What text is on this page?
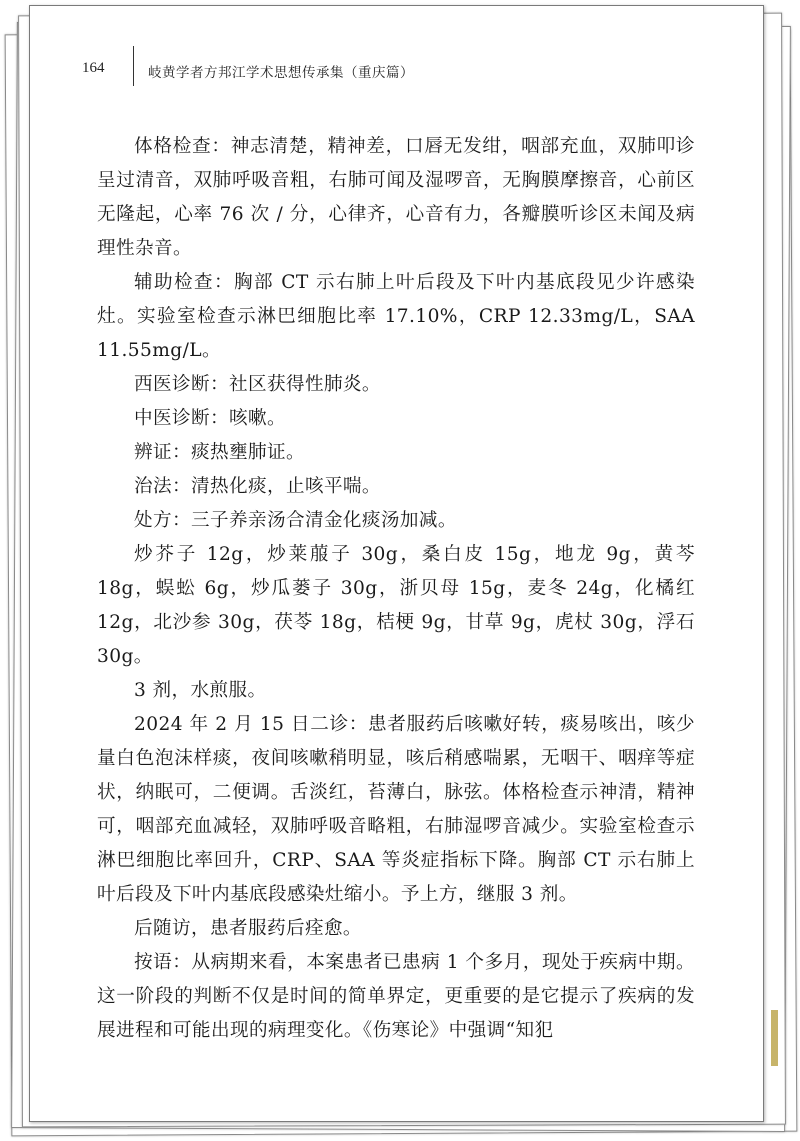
164	岐黄学者方邦江学术思想传承集（重庆篇）

体格检查：神志清楚，精神差，口唇无发绀，咽部充血，双肺叩诊呈过清音，双肺呼吸音粗，右肺可闻及湿啰音，无胸膜摩擦音，心前区无隆起，心率 76 次 / 分，心律齐，心音有力，各瓣膜听诊区未闻及病理性杂音。

辅助检查：胸部 CT 示右肺上叶后段及下叶内基底段见少许感染灶。实验室检查示淋巴细胞比率 17.10%，CRP 12.33mg/L，SAA 11.55mg/L。

西医诊断：社区获得性肺炎。

中医诊断：咳嗽。

辨证：痰热壅肺证。

治法：清热化痰，止咳平喘。

处方：三子养亲汤合清金化痰汤加减。

炒芥子 12g，炒莱菔子 30g，桑白皮 15g，地龙 9g，黄芩 18g，蜈蚣 6g，炒瓜蒌子 30g，浙贝母 15g，麦冬 24g，化橘红 12g，北沙参 30g，茯苓 18g，桔梗 9g，甘草 9g，虎杖 30g，浮石 30g。

3 剂，水煎服。

2024 年 2 月 15 日二诊：患者服药后咳嗽好转，痰易咳出，咳少量白色泡沫样痰，夜间咳嗽稍明显，咳后稍感喘累，无咽干、咽痒等症状，纳眠可，二便调。舌淡红，苔薄白，脉弦。体格检查示神清，精神可，咽部充血减轻，双肺呼吸音略粗，右肺湿啰音减少。实验室检查示淋巴细胞比率回升，CRP、SAA 等炎症指标下降。胸部 CT 示右肺上叶后段及下叶内基底段感染灶缩小。予上方，继服 3 剂。

后随访，患者服药后痊愈。

按语：从病期来看，本案患者已患病 1 个多月，现处于疾病中期。这一阶段的判断不仅是时间的简单界定，更重要的是它提示了疾病的发展进程和可能出现的病理变化。《伤寒论》中强调“知犯
